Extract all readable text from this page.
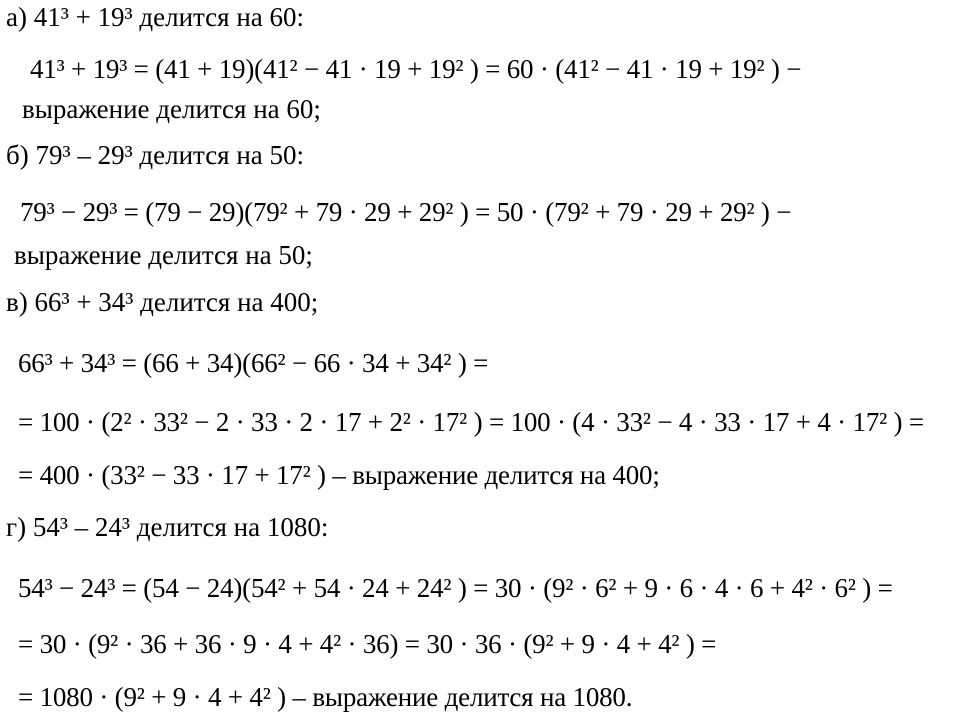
а) 41³ + 19³ делится на 60:
41³ + 19³ = (41 + 19)(41² − 41 · 19 + 19² ) = 60 · (41² − 41 · 19 + 19² ) −
выражение делится на 60;
б) 79³ – 29³ делится на 50:
79³ − 29³ = (79 − 29)(79² + 79 · 29 + 29² ) = 50 · (79² + 79 · 29 + 29² ) −
выражение делится на 50;
в) 66³ + 34³ делится на 400;
66³ + 34³ = (66 + 34)(66² − 66 · 34 + 34² ) =
= 100 · (2² · 33² − 2 · 33 · 2 · 17 + 2² · 17² ) = 100 · (4 · 33² − 4 · 33 · 17 + 4 · 17² ) =
= 400 · (33² − 33 · 17 + 17² ) – выражение делится на 400;
г) 54³ – 24³ делится на 1080:
54³ − 24³ = (54 − 24)(54² + 54 · 24 + 24² ) = 30 · (9² · 6² + 9 · 6 · 4 · 6 + 4² · 6² ) =
= 30 · (9² · 36 + 36 · 9 · 4 + 4² · 36) = 30 · 36 · (9² + 9 · 4 + 4² ) =
= 1080 · (9² + 9 · 4 + 4² ) – выражение делится на 1080.
